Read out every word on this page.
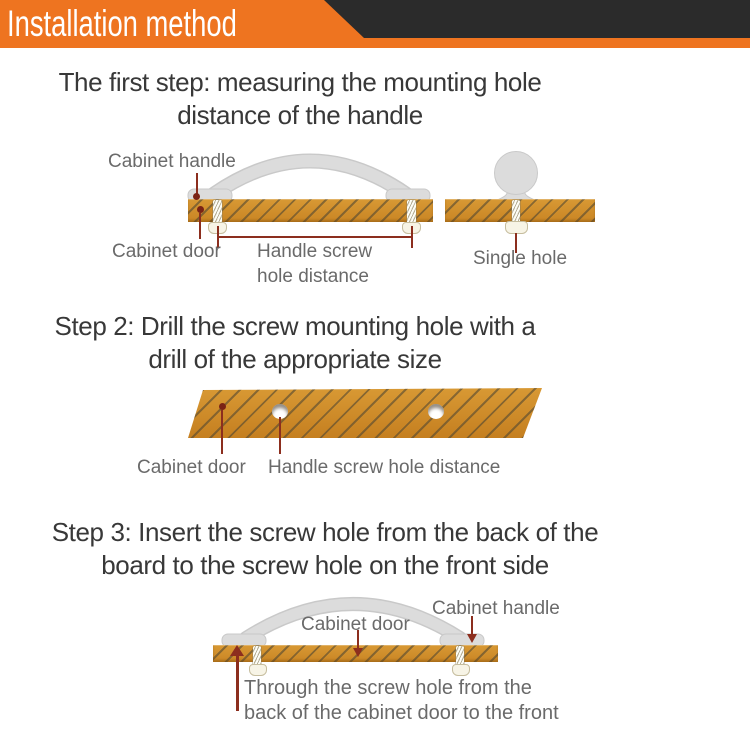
Installation method
The first step: measuring the mounting hole
distance of the handle
Cabinet handle
Cabinet door Handle screw
hole distance
Single hole
Step 2: Drill the screw mounting hole with a
drill of the appropriate size
Cabinet door Handle screw hole distance
Step 3: Insert the screw hole from the back of the
board to the screw hole on the front side
Cabinet door
Cabinet handle
Through the screw hole from the
back of the cabinet door to the front
